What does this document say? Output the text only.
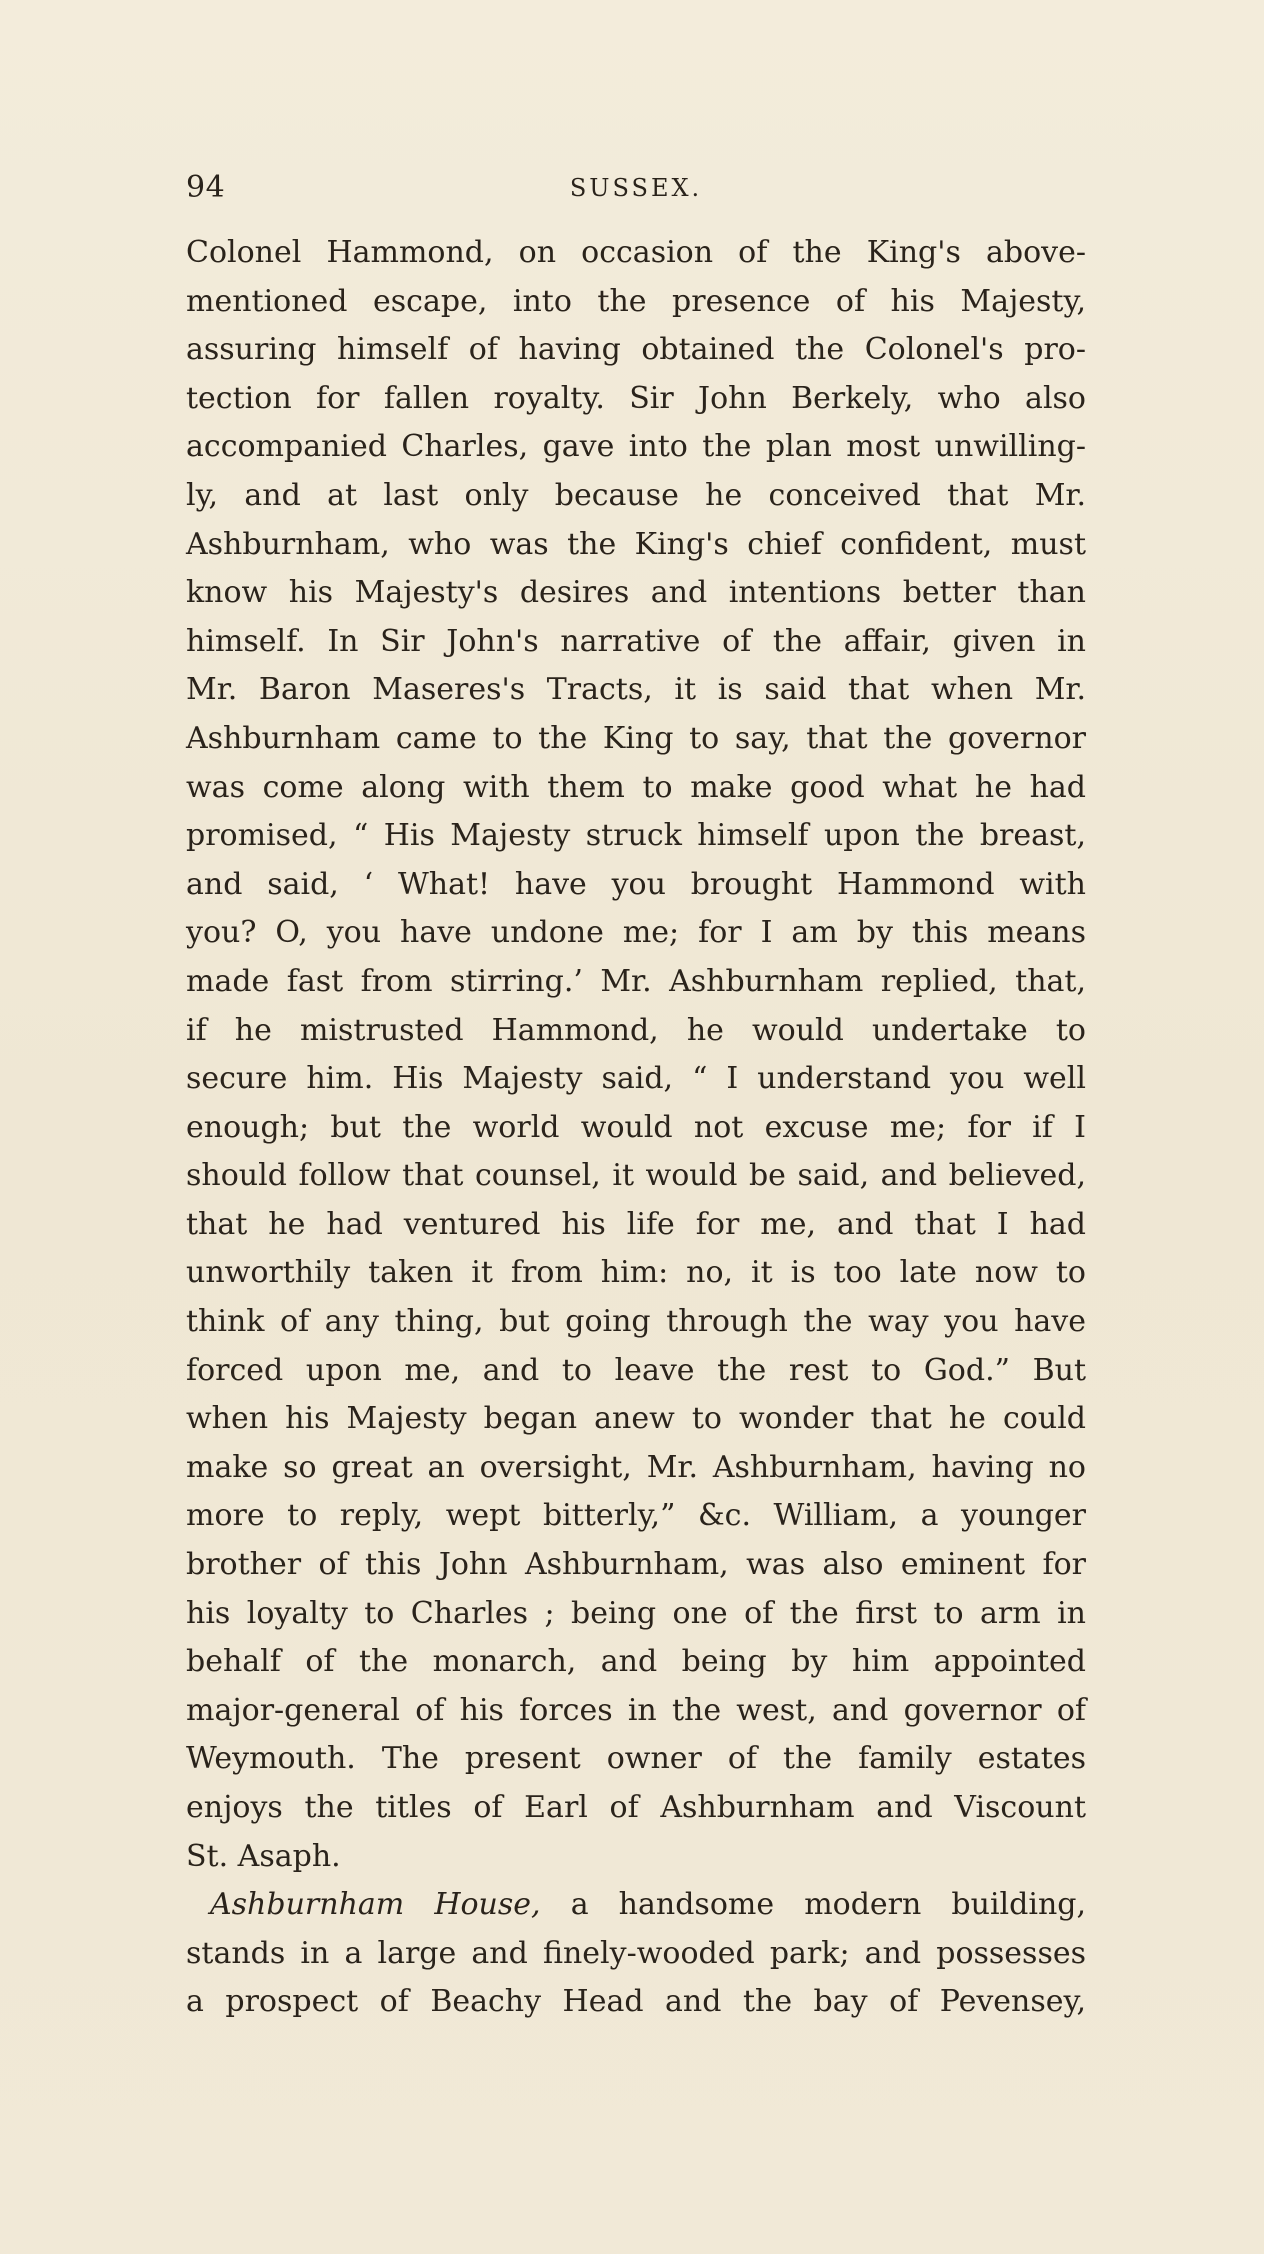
94	SUSSEX.
Colonel Hammond, on occasion of the King's above-
mentioned escape, into the presence of his Majesty,
assuring himself of having obtained the Colonel's pro-
tection for fallen royalty. Sir John Berkely, who also
accompanied Charles, gave into the plan most unwilling-
ly, and at last only because he conceived that Mr.
Ashburnham, who was the King's chief confident, must
know his Majesty's desires and intentions better than
himself. In Sir John's narrative of the affair, given in
Mr. Baron Maseres's Tracts, it is said that when Mr.
Ashburnham came to the King to say, that the governor
was come along with them to make good what he had
promised, “ His Majesty struck himself upon the breast,
and said, ‘ What! have you brought Hammond with
you? O, you have undone me; for I am by this means
made fast from stirring.’ Mr. Ashburnham replied, that,
if he mistrusted Hammond, he would undertake to
secure him. His Majesty said, “ I understand you well
enough; but the world would not excuse me; for if I
should follow that counsel, it would be said, and believed,
that he had ventured his life for me, and that I had
unworthily taken it from him: no, it is too late now to
think of any thing, but going through the way you have
forced upon me, and to leave the rest to God.” But
when his Majesty began anew to wonder that he could
make so great an oversight, Mr. Ashburnham, having no
more to reply, wept bitterly,” &c. William, a younger
brother of this John Ashburnham, was also eminent for
his loyalty to Charles ; being one of the first to arm in
behalf of the monarch, and being by him appointed
major-general of his forces in the west, and governor of
Weymouth. The present owner of the family estates
enjoys the titles of Earl of Ashburnham and Viscount
St. Asaph.
Ashburnham House, a handsome modern building,
stands in a large and finely-wooded park; and possesses
a prospect of Beachy Head and the bay of Pevensey,
